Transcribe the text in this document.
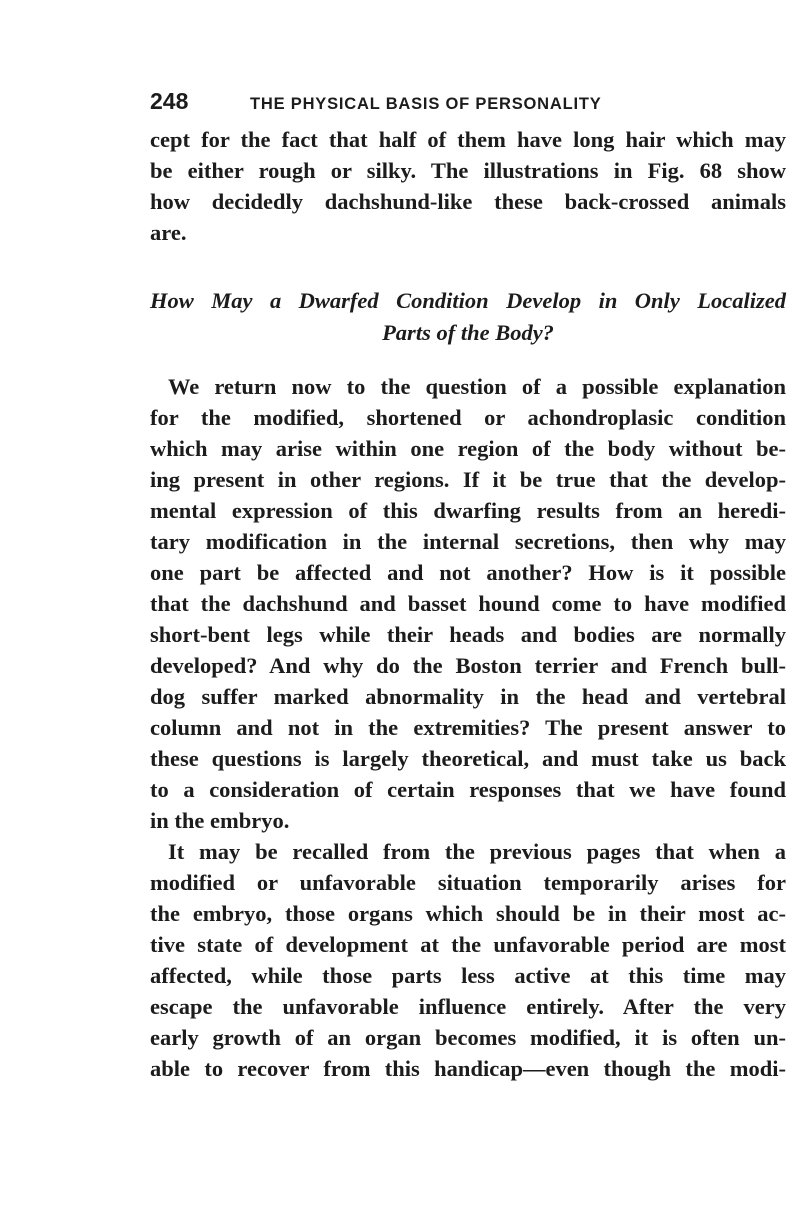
248	THE PHYSICAL BASIS OF PERSONALITY

cept for the fact that half of them have long hair which may
be either rough or silky. The illustrations in Fig. 68 show
how decidedly dachshund-like these back-crossed animals
are.

How May a Dwarfed Condition Develop in Only Localized
Parts of the Body?

We return now to the question of a possible explanation
for the modified, shortened or achondroplasic condition
which may arise within one region of the body without be-
ing present in other regions. If it be true that the develop-
mental expression of this dwarfing results from an heredi-
tary modification in the internal secretions, then why may
one part be affected and not another? How is it possible
that the dachshund and basset hound come to have modified
short-bent legs while their heads and bodies are normally
developed? And why do the Boston terrier and French bull-
dog suffer marked abnormality in the head and vertebral
column and not in the extremities? The present answer to
these questions is largely theoretical, and must take us back
to a consideration of certain responses that we have found
in the embryo.

It may be recalled from the previous pages that when a
modified or unfavorable situation temporarily arises for
the embryo, those organs which should be in their most ac-
tive state of development at the unfavorable period are most
affected, while those parts less active at this time may
escape the unfavorable influence entirely. After the very
early growth of an organ becomes modified, it is often un-
able to recover from this handicap—even though the modi-
